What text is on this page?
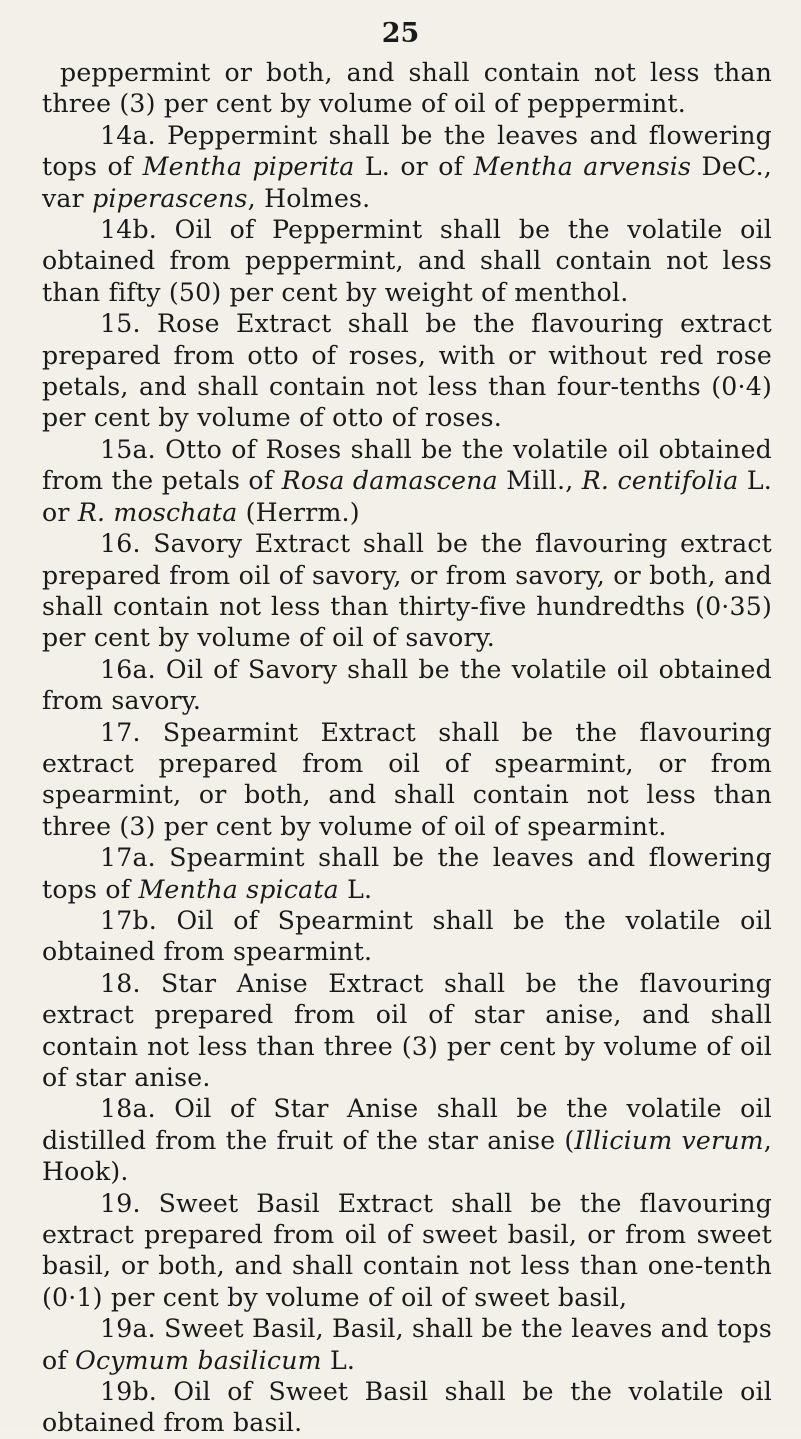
25

peppermint or both, and shall contain not less than three (3) per cent by volume of oil of peppermint.

14a. Peppermint shall be the leaves and flowering tops of Mentha piperita L. or of Mentha arvensis DeC., var piperascens, Holmes.

14b. Oil of Peppermint shall be the volatile oil obtained from peppermint, and shall contain not less than fifty (50) per cent by weight of menthol.

15. Rose Extract shall be the flavouring extract prepared from otto of roses, with or without red rose petals, and shall contain not less than four-tenths (0·4) per cent by volume of otto of roses.

15a. Otto of Roses shall be the volatile oil obtained from the petals of Rosa damascena Mill., R. centifolia L. or R. moschata (Herrm.)

16. Savory Extract shall be the flavouring extract prepared from oil of savory, or from savory, or both, and shall contain not less than thirty-five hundredths (0·35) per cent by volume of oil of savory.

16a. Oil of Savory shall be the volatile oil obtained from savory.

17. Spearmint Extract shall be the flavouring extract prepared from oil of spearmint, or from spearmint, or both, and shall contain not less than three (3) per cent by volume of oil of spearmint.

17a. Spearmint shall be the leaves and flowering tops of Mentha spicata L.

17b. Oil of Spearmint shall be the volatile oil obtained from spearmint.

18. Star Anise Extract shall be the flavouring extract prepared from oil of star anise, and shall contain not less than three (3) per cent by volume of oil of star anise.

18a. Oil of Star Anise shall be the volatile oil distilled from the fruit of the star anise (Illicium verum, Hook).

19. Sweet Basil Extract shall be the flavouring extract prepared from oil of sweet basil, or from sweet basil, or both, and shall contain not less than one-tenth (0·1) per cent by volume of oil of sweet basil,

19a. Sweet Basil, Basil, shall be the leaves and tops of Ocymum basilicum L.

19b. Oil of Sweet Basil shall be the volatile oil obtained from basil.
